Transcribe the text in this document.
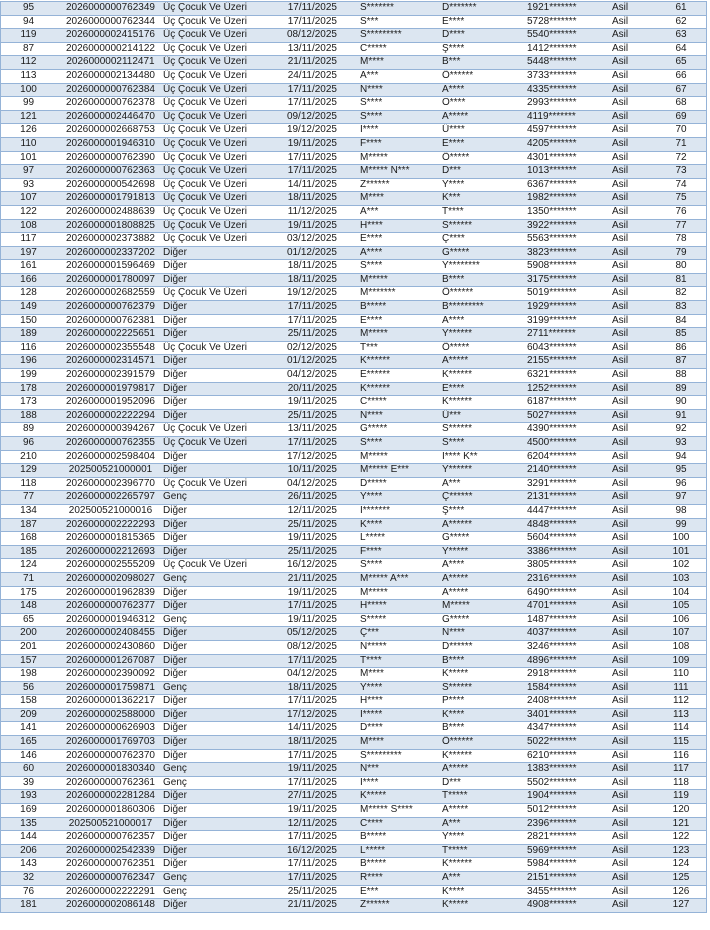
95	2026000000762349 Üç Çocuk Ve Üzeri	17/11/2025	S*******	D*******	1921*******	Asil	61
94	2026000000762344 Üç Çocuk Ve Üzeri	17/11/2025	S***	E****	5728*******	Asil	62
119	2026000002415176 Üç Çocuk Ve Üzeri	08/12/2025	S*********	D****	5540*******	Asil	63
87	2026000000214122 Üç Çocuk Ve Üzeri	13/11/2025	C*****	Ş****	1412*******	Asil	64
112	2026000002112471 Üç Çocuk Ve Üzeri	21/11/2025	M****	B***	5448*******	Asil	65
113	2026000002134480 Üç Çocuk Ve Üzeri	24/11/2025	A***	Ö******	3733*******	Asil	66
100	2026000000762384 Üç Çocuk Ve Üzeri	17/11/2025	N****	A****	4335*******	Asil	67
99	2026000000762378 Üç Çocuk Ve Üzeri	17/11/2025	S****	O****	2993*******	Asil	68
121	2026000002446470 Üç Çocuk Ve Üzeri	09/12/2025	S****	A*****	4119*******	Asil	69
126	2026000002668753 Üç Çocuk Ve Üzeri	19/12/2025	İ****	Ü****	4597*******	Asil	70
110	2026000001946310 Üç Çocuk Ve Üzeri	19/11/2025	F****	E****	4205*******	Asil	71
101	2026000000762390 Üç Çocuk Ve Üzeri	17/11/2025	M*****	Ö*****	4301*******	Asil	72
97	2026000000762363 Üç Çocuk Ve Üzeri	17/11/2025	M***** N***	D***	1013*******	Asil	73
93	2026000000542698 Üç Çocuk Ve Üzeri	14/11/2025	Z******	Y****	6367*******	Asil	74
107	2026000001791813 Üç Çocuk Ve Üzeri	18/11/2025	M****	K***	1982*******	Asil	75
122	2026000002488639 Üç Çocuk Ve Üzeri	11/12/2025	A***	T****	1350*******	Asil	76
108	2026000001808825 Üç Çocuk Ve Üzeri	19/11/2025	H****	S******	3922*******	Asil	77
117	2026000002373882 Üç Çocuk Ve Üzeri	03/12/2025	E****	Ç****	5563*******	Asil	78
197	2026000002337202 Diğer	01/12/2025	A****	G*****	3823*******	Asil	79
161	2026000001596469 Diğer	18/11/2025	S****	Y********	5908*******	Asil	80
166	2026000001780097 Diğer	18/11/2025	M*****	B****	3175*******	Asil	81
128	2026000002682559 Üç Çocuk Ve Üzeri	19/12/2025	M*******	Ö******	5019*******	Asil	82
149	2026000000762379 Diğer	17/11/2025	B*****	B*********	1929*******	Asil	83
150	2026000000762381 Diğer	17/11/2025	E****	A****	3199*******	Asil	84
189	2026000002225651 Diğer	25/11/2025	M*****	Y******	2711*******	Asil	85
116	2026000002355548 Üç Çocuk Ve Üzeri	02/12/2025	T***	Ö*****	6043*******	Asil	86
196	2026000002314571 Diğer	01/12/2025	K******	A*****	2155*******	Asil	87
199	2026000002391579 Diğer	04/12/2025	E******	K******	6321*******	Asil	88
178	2026000001979817 Diğer	20/11/2025	K******	E****	1252*******	Asil	89
173	2026000001952096 Diğer	19/11/2025	C*****	K******	6187*******	Asil	90
188	2026000002222294 Diğer	25/11/2025	N****	Ü***	5027*******	Asil	91
89	2026000000394267 Üç Çocuk Ve Üzeri	13/11/2025	G*****	S******	4390*******	Asil	92
96	2026000000762355 Üç Çocuk Ve Üzeri	17/11/2025	S****	S****	4500*******	Asil	93
210	2026000002598404 Diğer	17/12/2025	M*****	İ**** K**	6204*******	Asil	94
129	202500521000001	Diğer	10/11/2025	M***** E***	Y******	2140*******	Asil	95
118	2026000002396770 Üç Çocuk Ve Üzeri	04/12/2025	D*****	A***	3291*******	Asil	96
77	2026000002265797 Genç	26/11/2025	Y****	Ç******	2131*******	Asil	97
134	202500521000016	Diğer	12/11/2025	İ*******	Ş****	4447*******	Asil	98
187	2026000002222293 Diğer	25/11/2025	K****	A******	4848*******	Asil	99
168	2026000001815365 Diğer	19/11/2025	L*****	G*****	5604*******	Asil	100
185	2026000002212693 Diğer	25/11/2025	F****	Y*****	3386*******	Asil	101
124	2026000002555209 Üç Çocuk Ve Üzeri	16/12/2025	S****	A****	3805*******	Asil	102
71	2026000002098027 Genç	21/11/2025	M***** A***	A*****	2316*******	Asil	103
175	2026000001962839 Diğer	19/11/2025	M*****	A*****	6490*******	Asil	104
148	2026000000762377 Diğer	17/11/2025	H*****	M*****	4701*******	Asil	105
65	2026000001946312 Genç	19/11/2025	S*****	G*****	1487*******	Asil	106
200	2026000002408455 Diğer	05/12/2025	Ç***	N****	4037*******	Asil	107
201	2026000002430860 Diğer	08/12/2025	N*****	D******	3246*******	Asil	108
157	2026000001267087 Diğer	17/11/2025	T****	B****	4896*******	Asil	109
198	2026000002390092 Diğer	04/12/2025	M****	K*****	2918*******	Asil	110
56	2026000001759871 Genç	18/11/2025	Y****	S******	1584*******	Asil	111
158	2026000001362217 Diğer	17/11/2025	H****	P****	2408*******	Asil	112
209	2026000002588000 Diğer	17/12/2025	İ*****	K****	3401*******	Asil	113
141	2026000000626903 Diğer	14/11/2025	D****	B****	4347*******	Asil	114
165	2026000001769703 Diğer	18/11/2025	M****	Ö******	5022*******	Asil	115
146	2026000000762370 Diğer	17/11/2025	S*********	K******	6210*******	Asil	116
60	2026000001830340 Genç	19/11/2025	N***	A*****	1383*******	Asil	117
39	2026000000762361 Genç	17/11/2025	İ****	D***	5502*******	Asil	118
193	2026000002281284 Diğer	27/11/2025	K*****	T*****	1904*******	Asil	119
169	2026000001860306 Diğer	19/11/2025	M***** S****	A*****	5012*******	Asil	120
135	202500521000017	Diğer	12/11/2025	C****	A***	2396*******	Asil	121
144	2026000000762357 Diğer	17/11/2025	B*****	Y****	2821*******	Asil	122
206	2026000002542339 Diğer	16/12/2025	L*****	T*****	5969*******	Asil	123
143	2026000000762351 Diğer	17/11/2025	B*****	K******	5984*******	Asil	124
32	2026000000762347 Genç	17/11/2025	R****	A***	2151*******	Asil	125
76	2026000002222291 Genç	25/11/2025	E***	K****	3455*******	Asil	126
181	2026000002086148 Diğer	21/11/2025	Z******	K*****	4908*******	Asil	127
